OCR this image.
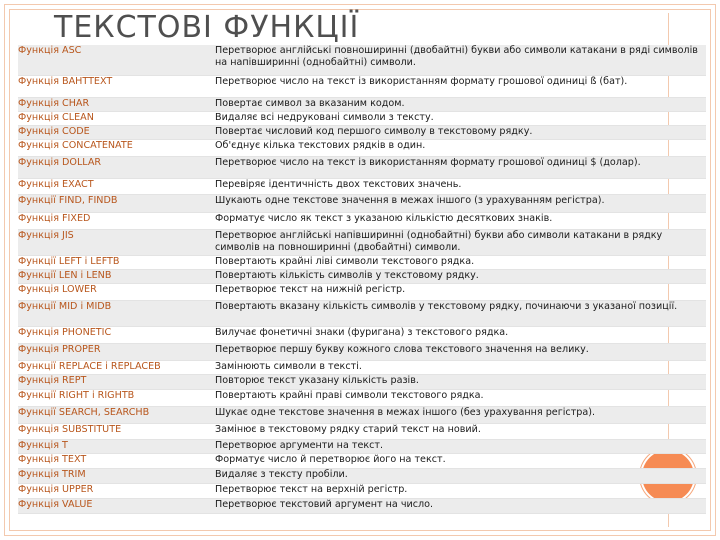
ТЕКСТОВІ ФУНКЦІЇ
Функція ASC	Перетворює англійські повноширинні (двобайтні) букви або символи катакани в ряді символів на напівширинні (однобайтні) символи.
Функція BAHTTEXT	Перетворює число на текст із використанням формату грошової одиниці ß (бат).
Функція CHAR	Повертає символ за вказаним кодом.
Функція CLEAN	Видаляє всі недруковані символи з тексту.
Функція CODE	Повертає числовий код першого символу в текстовому рядку.
Функція CONCATENATE	Об'єднує кілька текстових рядків в один.
Функція DOLLAR	Перетворює число на текст із використанням формату грошової одиниці $ (долар).
Функція EXACT	Перевіряє ідентичність двох текстових значень.
Функції FIND, FINDB	Шукають одне текстове значення в межах іншого (з урахуванням регістра).
Функція FIXED	Форматує число як текст з указаною кількістю десяткових знаків.
Функція JIS	Перетворює англійські напівширинні (однобайтні) букви або символи катакани в рядку символів на повноширинні (двобайтні) символи.
Функції LEFT і LEFTB	Повертають крайні ліві символи текстового рядка.
Функції LEN і LENB	Повертають кількість символів у текстовому рядку.
Функція LOWER	Перетворює текст на нижній регістр.
Функції MID і MIDB	Повертають вказану кількість символів у текстовому рядку, починаючи з указаної позиції.
Функція PHONETIC	Вилучає фонетичні знаки (фуригана) з текстового рядка.
Функція PROPER	Перетворює першу букву кожного слова текстового значення на велику.
Функції REPLACE і REPLACEB	Замінюють символи в тексті.
Функція REPT	Повторює текст указану кількість разів.
Функції RIGHT і RIGHTB	Повертають крайні праві символи текстового рядка.
Функції SEARCH, SEARCHB	Шукає одне текстове значення в межах іншого (без урахування регістра).
Функція SUBSTITUTE	Замінює в текстовому рядку старий текст на новий.
Функція T	Перетворює аргументи на текст.
Функція TEXT	Форматує число й перетворює його на текст.
Функція TRIM	Видаляє з тексту пробіли.
Функція UPPER	Перетворює текст на верхній регістр.
Функція VALUE	Перетворює текстовий аргумент на число.
